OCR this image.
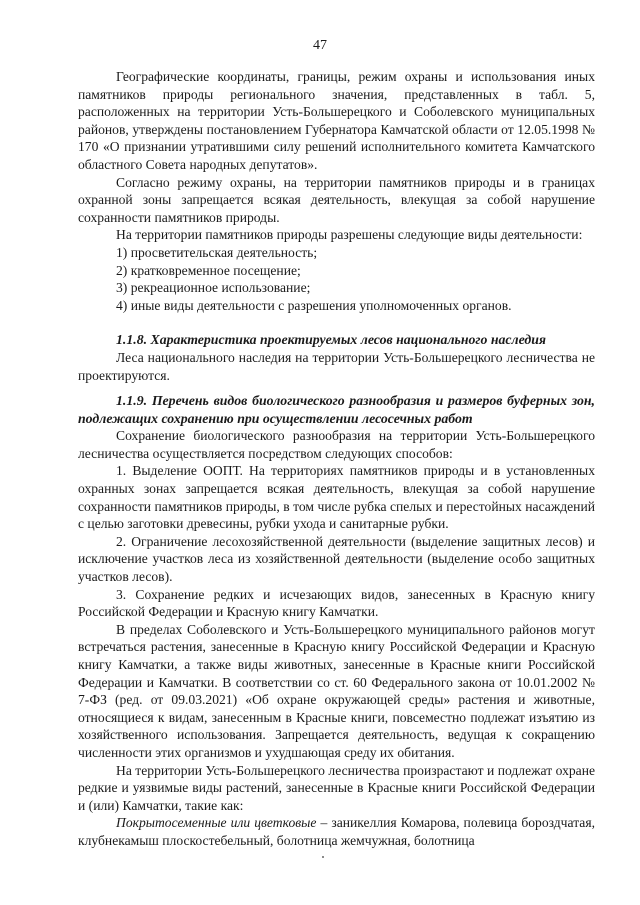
47

Географические координаты, границы, режим охраны и использования иных памятников природы регионального значения, представленных в табл. 5, расположенных на территории Усть-Большерецкого и Соболевского муниципальных районов, утверждены постановлением Губернатора Камчатской области от 12.05.1998 № 170 «О признании утратившими силу решений исполнительного комитета Камчатского областного Совета народных депутатов».

Согласно режиму охраны, на территории памятников природы и в границах охранной зоны запрещается всякая деятельность, влекущая за собой нарушение сохранности памятников природы.

На территории памятников природы разрешены следующие виды деятельности:

1) просветительская деятельность;

2) кратковременное посещение;

3) рекреационное использование;

4) иные виды деятельности с разрешения уполномоченных органов.

1.1.8. Характеристика проектируемых лесов национального наследия

Леса национального наследия на территории Усть-Большерецкого лесничества не проектируются.

1.1.9. Перечень видов биологического разнообразия и размеров буферных зон, подлежащих сохранению при осуществлении лесосечных работ

Сохранение биологического разнообразия на территории Усть-Большерецкого лесничества осуществляется посредством следующих способов:

1. Выделение ООПТ. На территориях памятников природы и в установленных охранных зонах запрещается всякая деятельность, влекущая за собой нарушение сохранности памятников природы, в том числе рубка спелых и перестойных насаждений с целью заготовки древесины, рубки ухода и санитарные рубки.

2. Ограничение лесохозяйственной деятельности (выделение защитных лесов) и исключение участков леса из хозяйственной деятельности (выделение особо защитных участков лесов).

3. Сохранение редких и исчезающих видов, занесенных в Красную книгу Российской Федерации и Красную книгу Камчатки.

В пределах Соболевского и Усть-Большерецкого муниципального районов могут встречаться растения, занесенные в Красную книгу Российской Федерации и Красную книгу Камчатки, а также виды животных, занесенные в Красные книги Российской Федерации и Камчатки. В соответствии со ст. 60 Федерального закона от 10.01.2002 № 7-ФЗ (ред. от 09.03.2021) «Об охране окружающей среды» растения и животные, относящиеся к видам, занесенным в Красные книги, повсеместно подлежат изъятию из хозяйственного использования. Запрещается деятельность, ведущая к сокращению численности этих организмов и ухудшающая среду их обитания.

На территории Усть-Большерецкого лесничества произрастают и подлежат охране редкие и уязвимые виды растений, занесенные в Красные книги Российской Федерации и (или) Камчатки, такие как:

Покрытосеменные или цветковые – заникеллия Комарова, полевица бороздчатая, клубнекамыш плоскостебельный, болотница жемчужная, болотница
